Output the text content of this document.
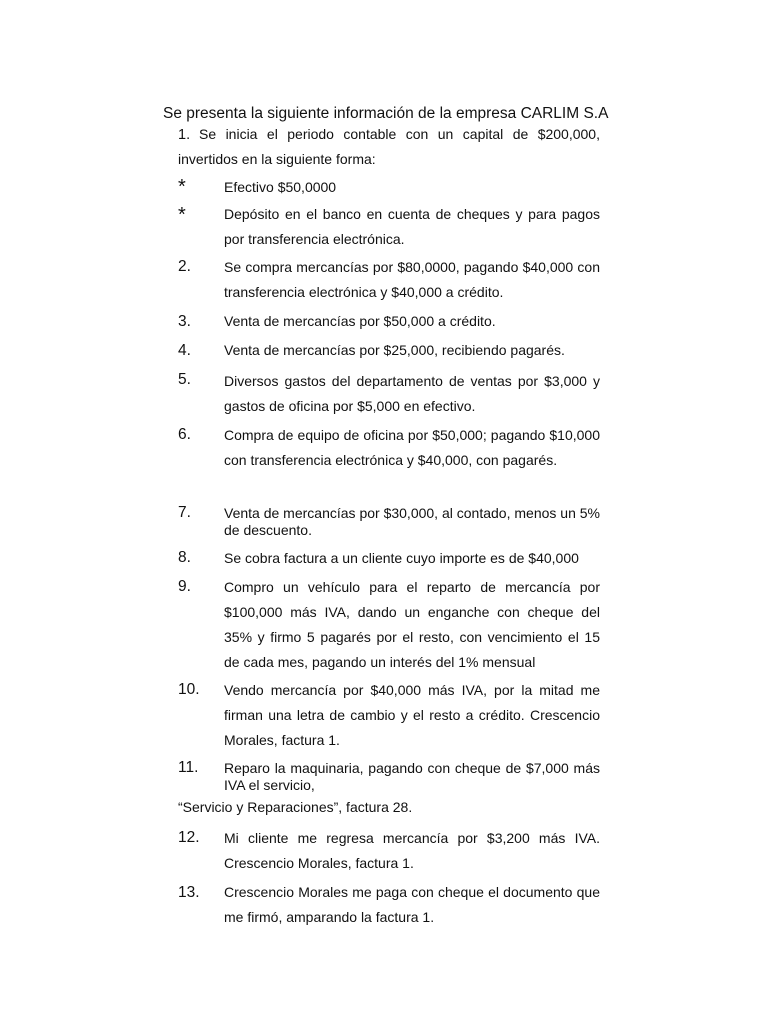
Se presenta la siguiente información de la empresa CARLIM S.A
1. Se inicia el periodo contable con un capital de $200,000, invertidos en la siguiente forma:
*	Efectivo $50,0000
*	Depósito en el banco en cuenta de cheques y para pagos por transferencia electrónica.
2. Se compra mercancías por $80,0000, pagando $40,000 con transferencia electrónica y $40,000 a crédito.
3. Venta de mercancías por $50,000 a crédito.
4. Venta de mercancías por $25,000, recibiendo pagarés.
5. Diversos gastos del departamento de ventas por $3,000 y gastos de oficina por $5,000 en efectivo.
6. Compra de equipo de oficina por $50,000; pagando $10,000 con transferencia electrónica y $40,000, con pagarés.
7. Venta de mercancías por $30,000, al contado, menos un 5% de descuento.
8. Se cobra factura a un cliente cuyo importe es de $40,000
9. Compro un vehículo para el reparto de mercancía por $100,000 más IVA, dando un enganche con cheque del 35% y firmo 5 pagarés por el resto, con vencimiento el 15 de cada mes, pagando un interés del 1% mensual
10. Vendo mercancía por $40,000 más IVA, por la mitad me firman una letra de cambio y el resto a crédito. Crescencio Morales, factura 1.
11. Reparo la maquinaria, pagando con cheque de $7,000 más IVA el servicio,
“Servicio y Reparaciones”, factura 28.
12. Mi cliente me regresa mercancía por $3,200 más IVA. Crescencio Morales, factura 1.
13. Crescencio Morales me paga con cheque el documento que me firmó, amparando la factura 1.
